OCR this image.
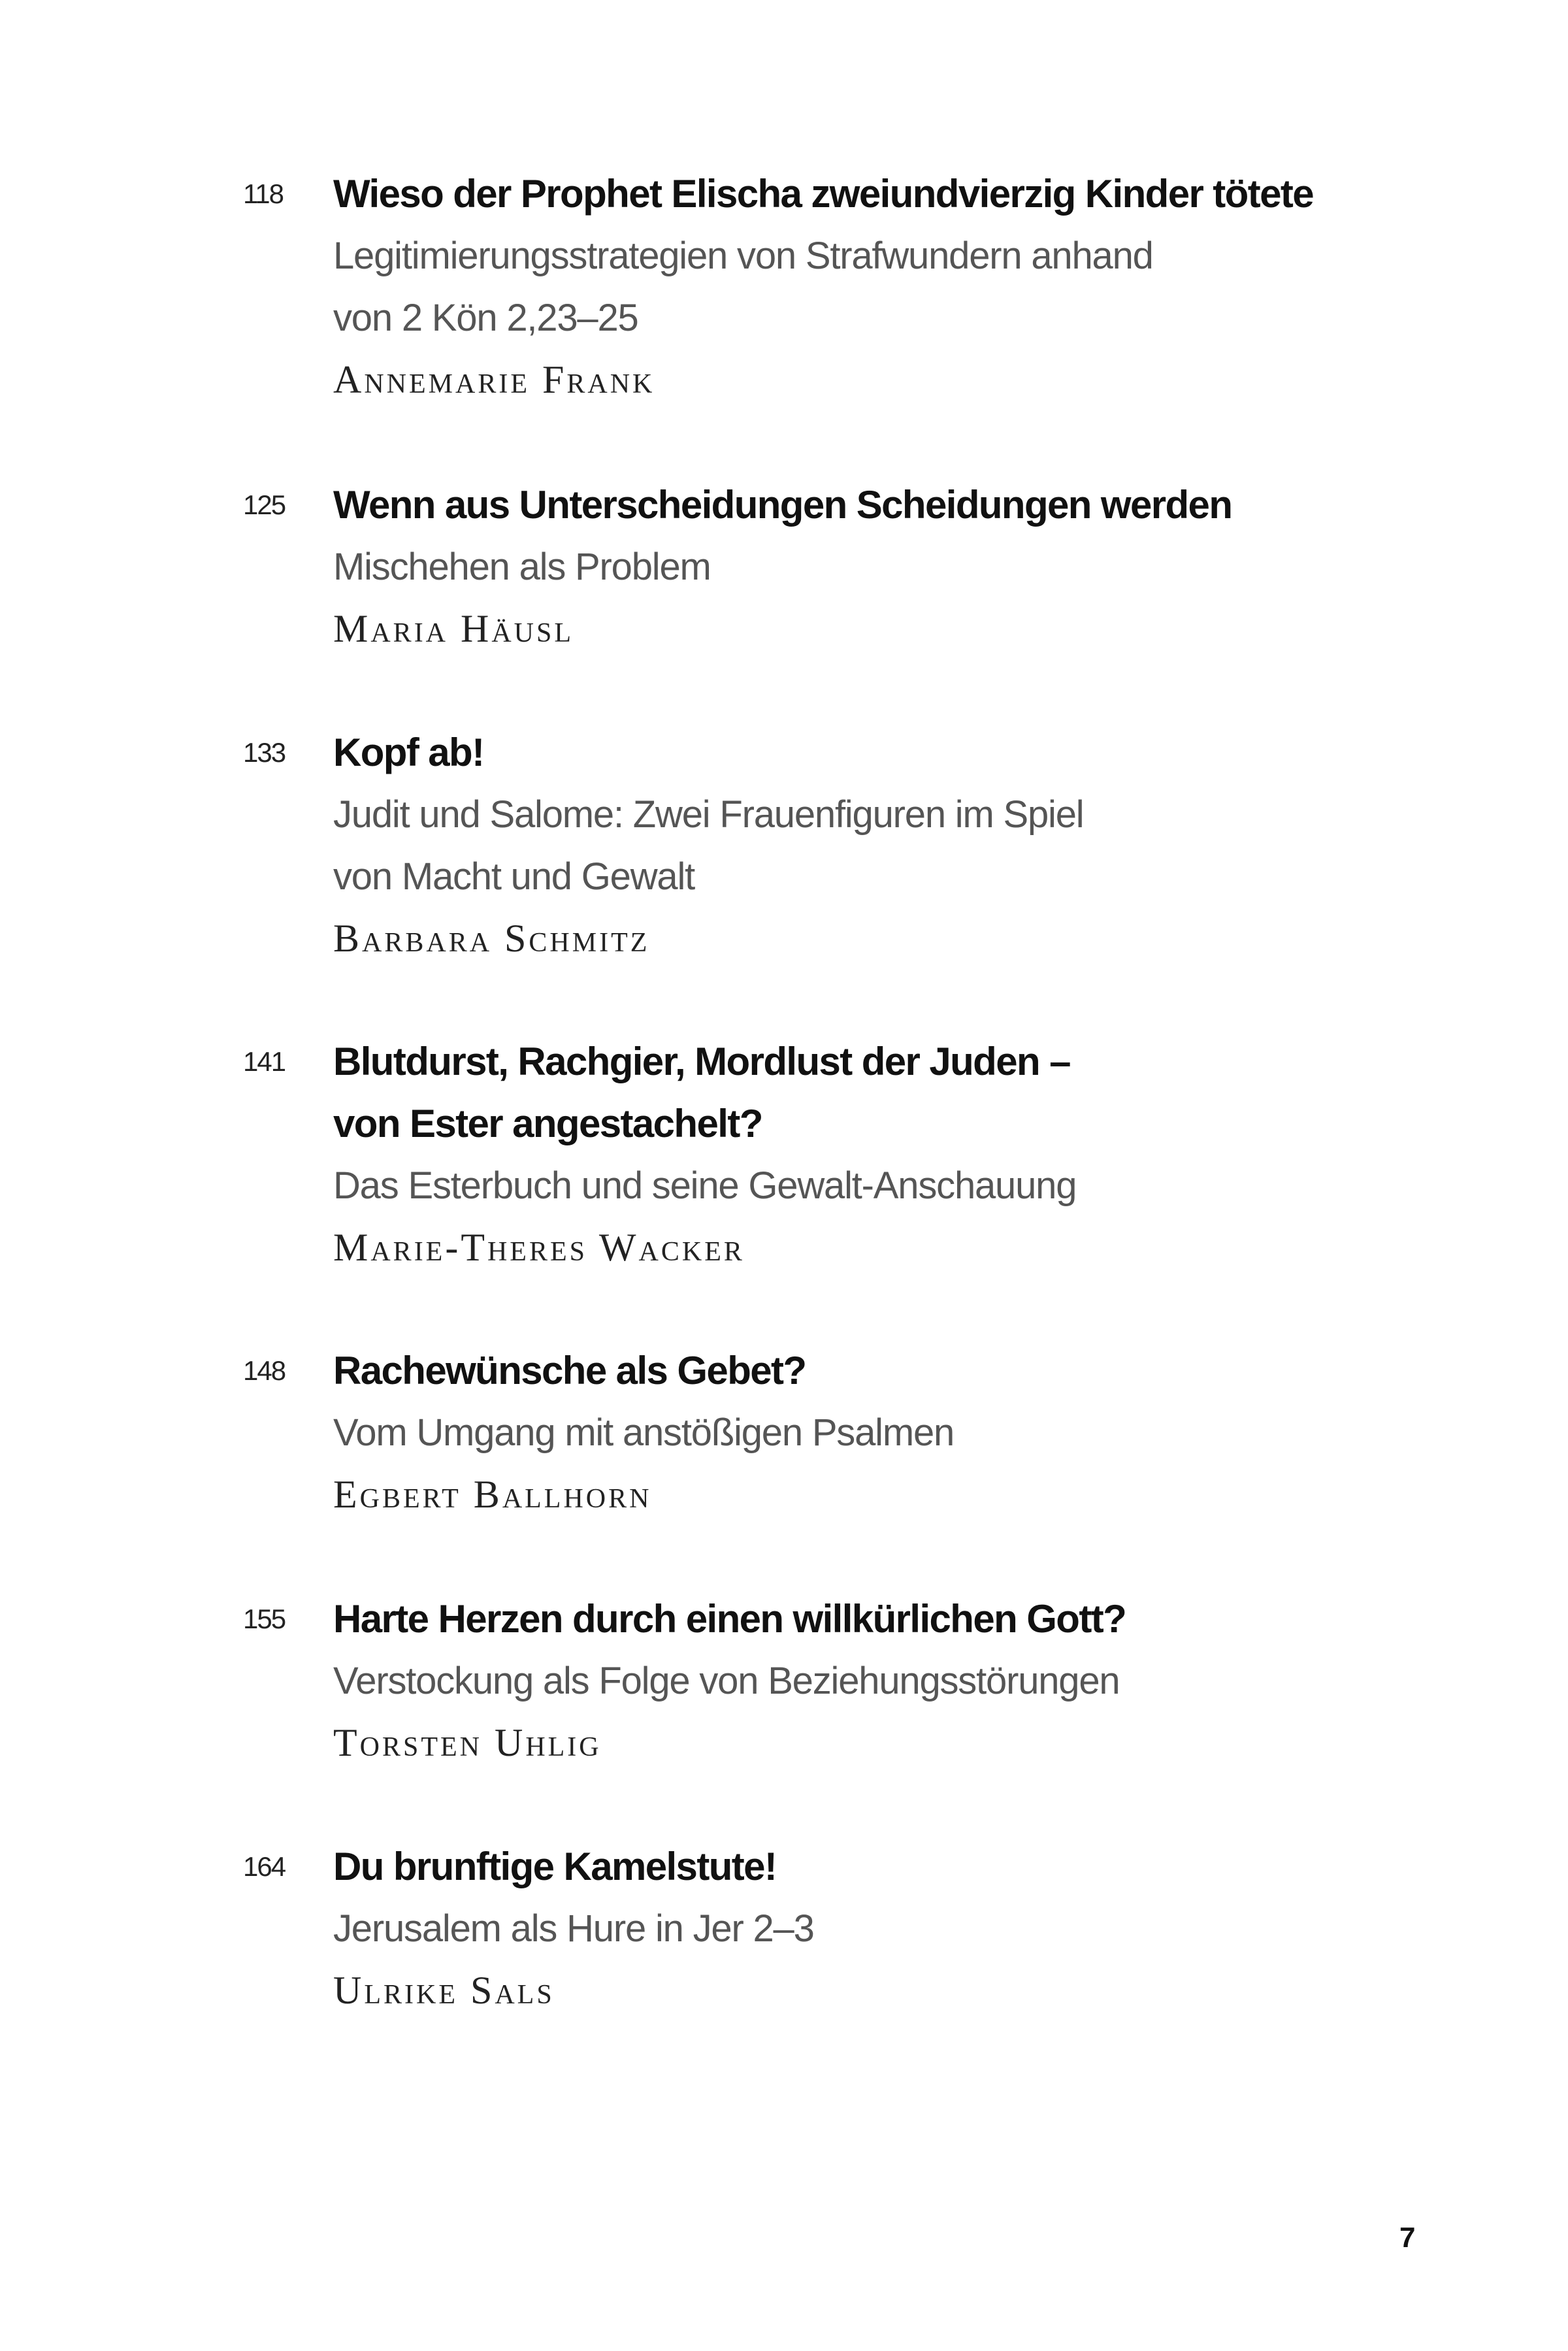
118 Wieso der Prophet Elischa zweiundvierzig Kinder tötete
Legitimierungsstrategien von Strafwundern anhand
von 2 Kön 2,23–25
Annemarie Frank
125 Wenn aus Unterscheidungen Scheidungen werden
Mischehen als Problem
Maria Häusl
133 Kopf ab!
Judit und Salome: Zwei Frauenfiguren im Spiel
von Macht und Gewalt
Barbara Schmitz
141 Blutdurst, Rachgier, Mordlust der Juden –
von Ester angestachelt?
Das Esterbuch und seine Gewalt-Anschauung
Marie-Theres Wacker
148 Rachewünsche als Gebet?
Vom Umgang mit anstößigen Psalmen
Egbert Ballhorn
155 Harte Herzen durch einen willkürlichen Gott?
Verstockung als Folge von Beziehungsstörungen
Torsten Uhlig
164 Du brunftige Kamelstute!
Jerusalem als Hure in Jer 2–3
Ulrike Sals
7
